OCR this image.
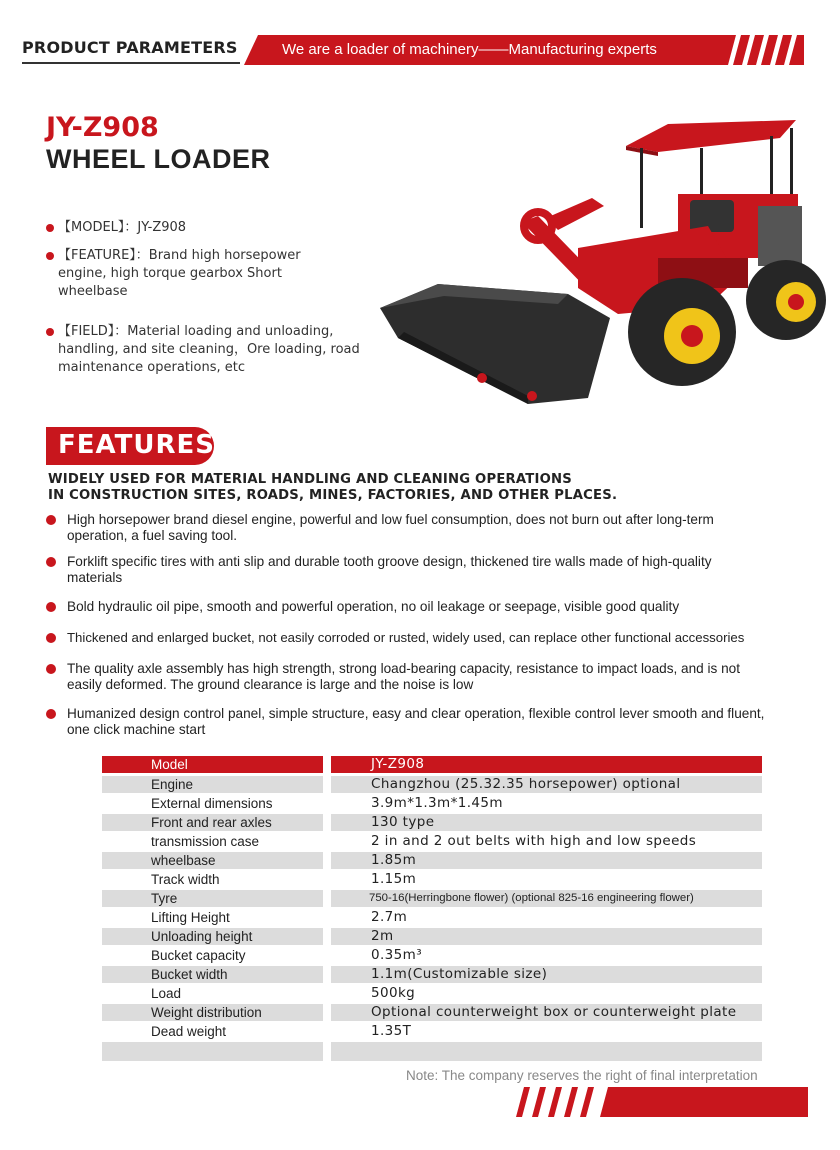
PRODUCT PARAMETERS	We are a loader of machinery——Manufacturing experts
JY-Z908
WHEEL LOADER
【MODEL】：JY-Z908
【FEATURE】：Brand high horsepower engine, high torque gearbox Short wheelbase
【FIELD】：Material loading and unloading, handling, and site cleaning，Ore loading, road maintenance operations, etc
FEATURES
WIDELY USED FOR MATERIAL HANDLING AND CLEANING OPERATIONS
IN CONSTRUCTION SITES, ROADS, MINES, FACTORIES, AND OTHER PLACES.
High horsepower brand diesel engine, powerful and low fuel consumption, does not burn out after long-term operation, a fuel saving tool.
Forklift specific tires with anti slip and durable tooth groove design, thickened tire walls made of high-quality materials
Bold hydraulic oil pipe, smooth and powerful operation, no oil leakage or seepage, visible good quality
Thickened and enlarged bucket, not easily corroded or rusted, widely used, can replace other functional accessories
The quality axle assembly has high strength, strong load-bearing capacity, resistance to impact loads, and is not easily deformed. The ground clearance is large and the noise is low
Humanized design control panel, simple structure, easy and clear operation, flexible control lever smooth and fluent, one click machine start
Model	JY-Z908
Engine	Changzhou (25.32.35 horsepower) optional
External dimensions	3.9m*1.3m*1.45m
Front and rear axles	130 type
transmission case	2 in and 2 out belts with high and low speeds
wheelbase	1.85m
Track width	1.15m
Tyre	750-16(Herringbone flower) (optional 825-16 engineering flower)
Lifting Height	2.7m
Unloading height	2m
Bucket capacity	0.35m³
Bucket width	1.1m(Customizable size)
Load	500kg
Weight distribution	Optional counterweight box or counterweight plate
Dead weight	1.35T
Note: The company reserves the right of final interpretation
